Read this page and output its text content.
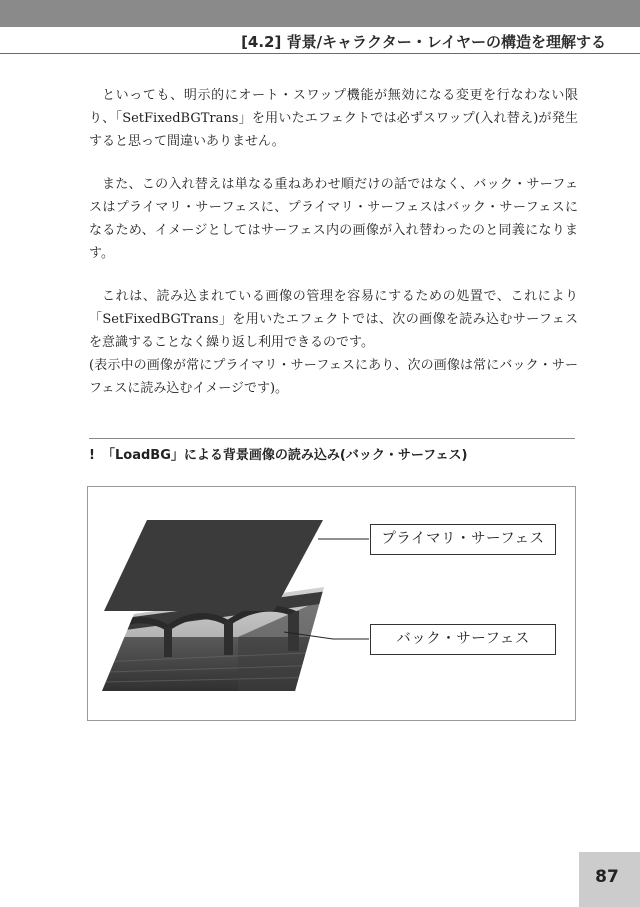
[4.2] 背景/キャラクター・レイヤーの構造を理解する

といっても、明示的にオート・スワップ機能が無効になる変更を行なわない限り、「SetFixedBGTrans」を用いたエフェクトでは必ずスワップ(入れ替え)が発生すると思って間違いありません。

また、この入れ替えは単なる重ねあわせ順だけの話ではなく、バック・サーフェスはプライマリ・サーフェスに、プライマリ・サーフェスはバック・サーフェスになるため、イメージとしてはサーフェス内の画像が入れ替わったのと同義になります。

これは、読み込まれている画像の管理を容易にするための処置で、これにより「SetFixedBGTrans」を用いたエフェクトでは、次の画像を読み込むサーフェスを意識することなく繰り返し利用できるのです。

(表示中の画像が常にプライマリ・サーフェスにあり、次の画像は常にバック・サーフェスに読み込むイメージです)。

! 「LoadBG」による背景画像の読み込み(バック・サーフェス)
プライマリ・サーフェス
バック・サーフェス
87
